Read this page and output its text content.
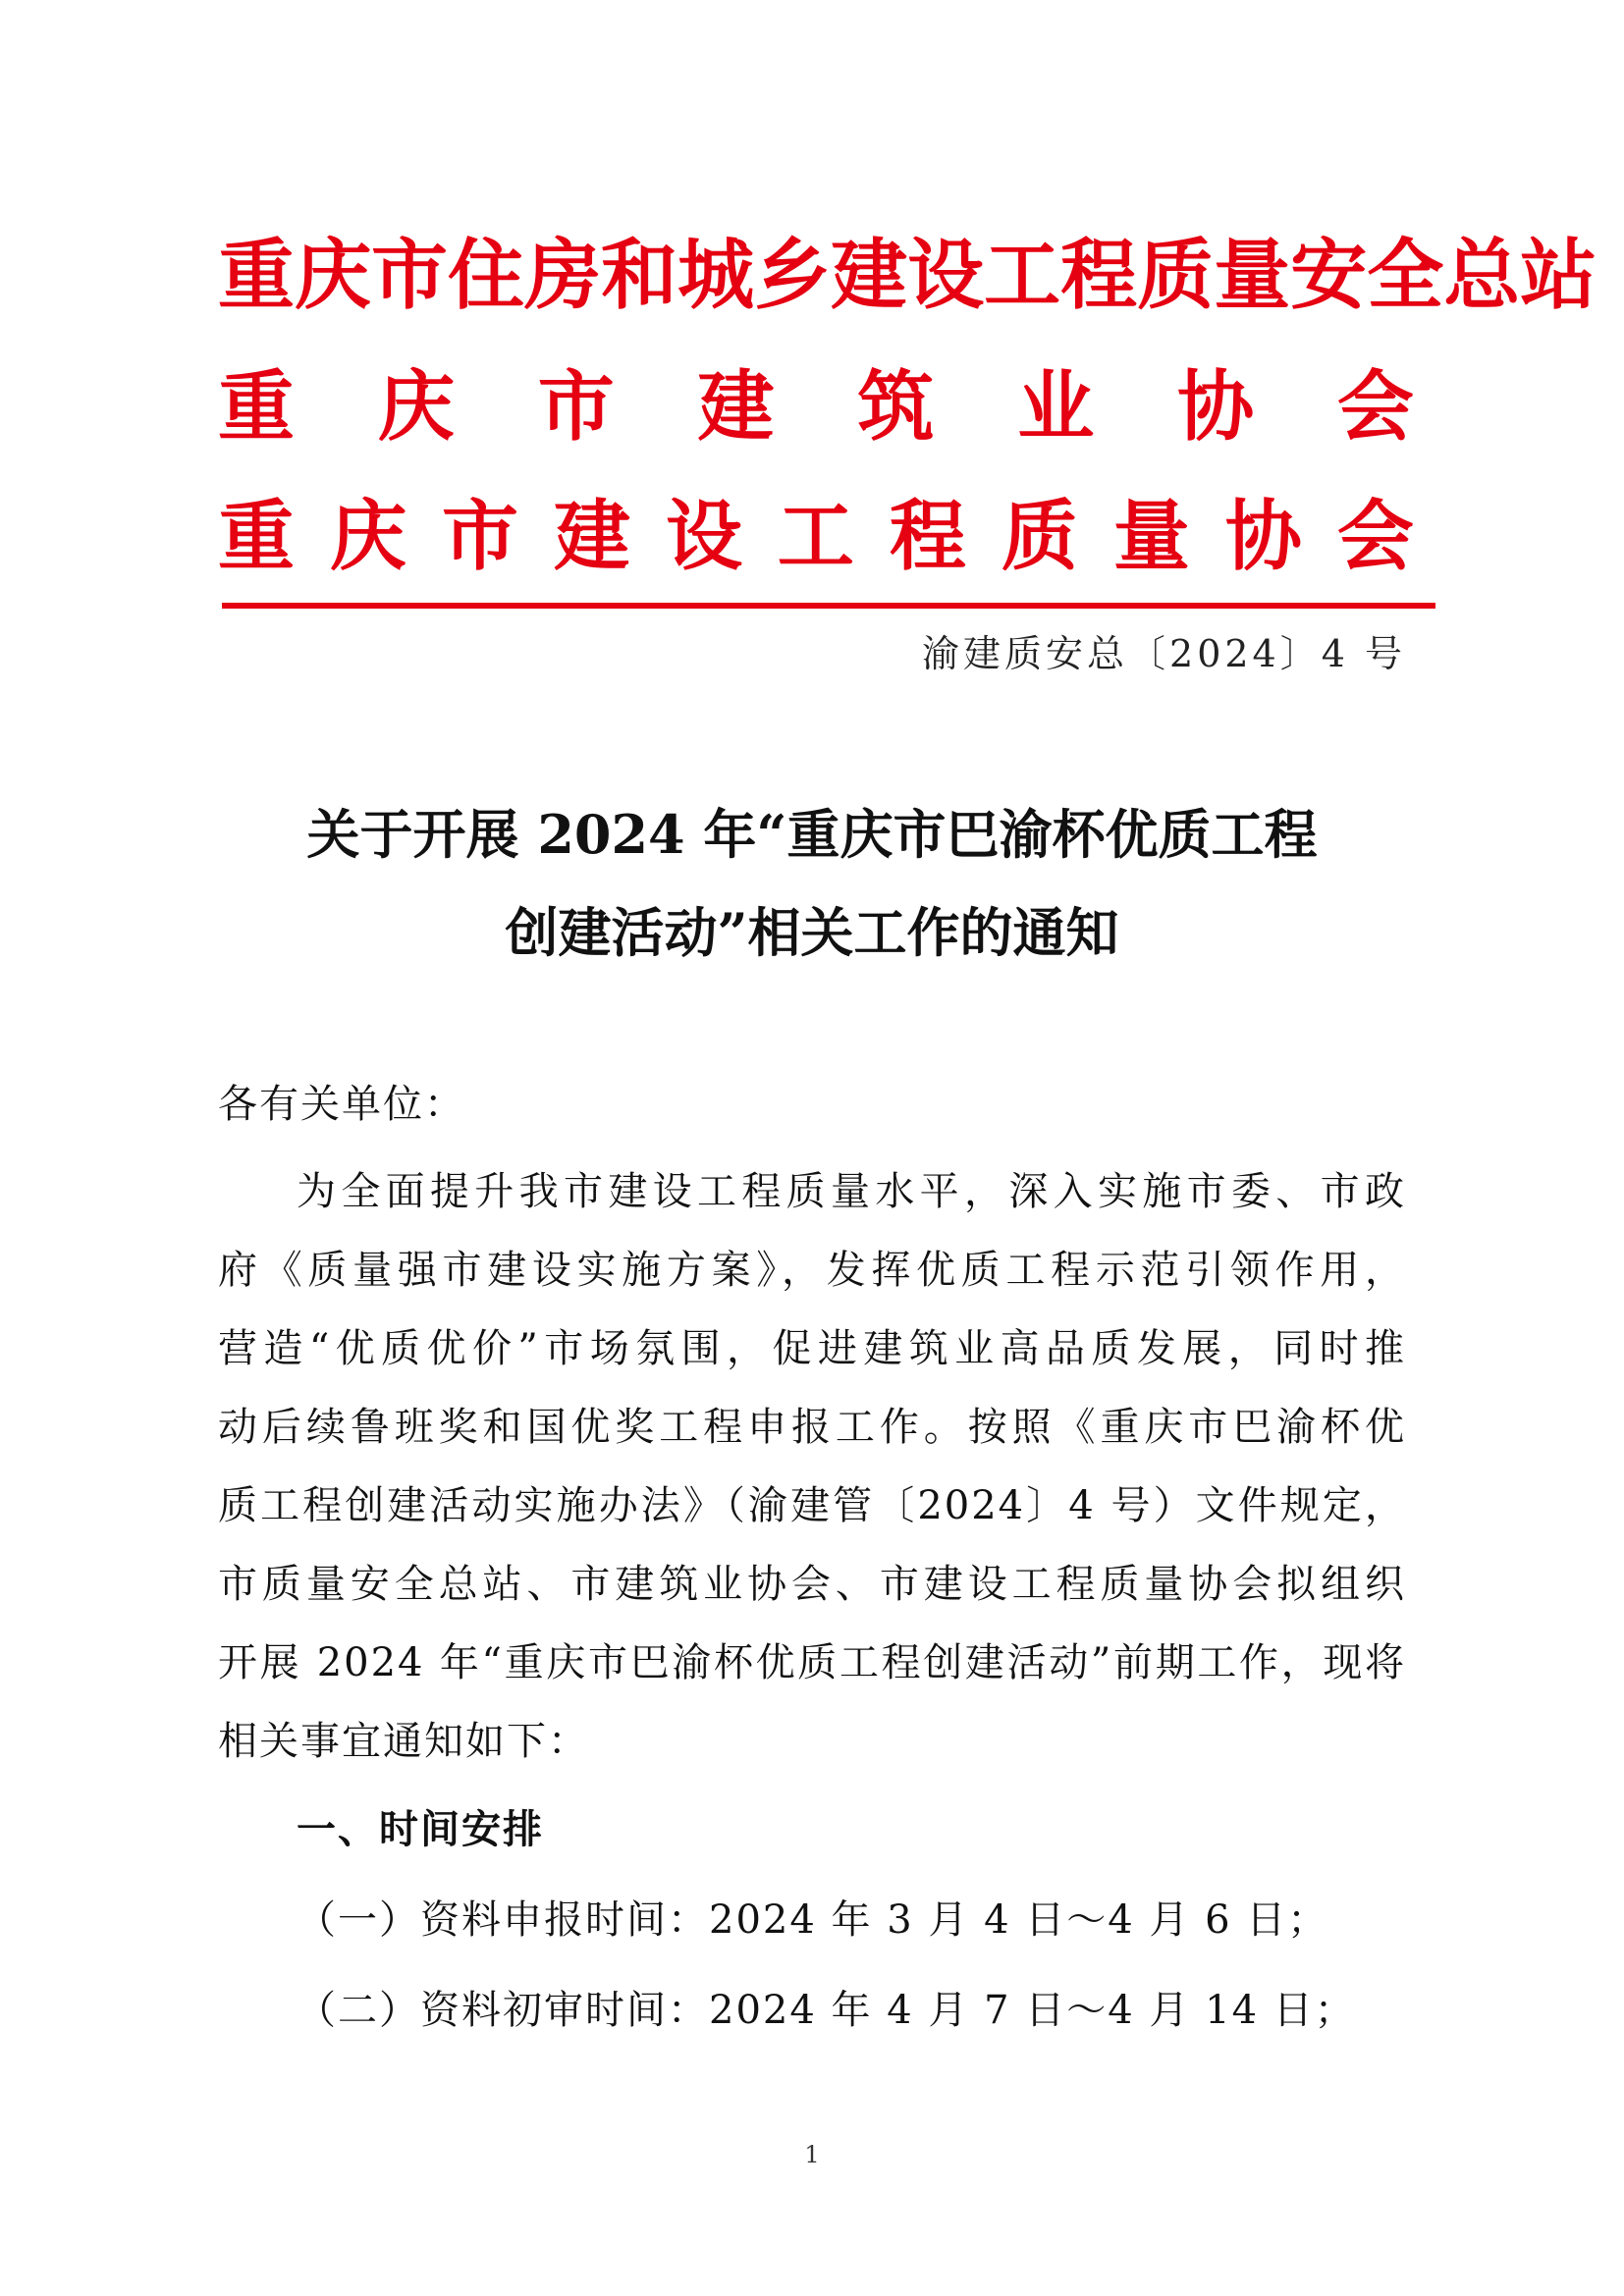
重 庆 市 住 房 和 城 乡 建 设 工 程 质 量 安 全 总 站
重 庆 市 建 筑 业 协 会
重 庆 市 建 设 工 程 质 量 协 会
渝建质安总〔2024〕4 号
关于开展 2024 年“重庆市巴渝杯优质工程
创建活动”相关工作的通知
各有关单位：
为全面提升我市建设工程质量水平，深入实施市委、市政
府《质量强市建设实施方案》，发挥优质工程示范引领作用，
营造“优质优价”市场氛围，促进建筑业高品质发展，同时推
动后续鲁班奖和国优奖工程申报工作。按照《重庆市巴渝杯优
质工程创建活动实施办法》（渝建管〔2024〕4 号）文件规定，
市质量安全总站、市建筑业协会、市建设工程质量协会拟组织
开展 2024 年“重庆市巴渝杯优质工程创建活动”前期工作，现将
相关事宜通知如下：
一、时间安排
（一）资料申报时间：2024 年 3 月 4 日～4 月 6 日；
（二）资料初审时间：2024 年 4 月 7 日～4 月 14 日；
1
